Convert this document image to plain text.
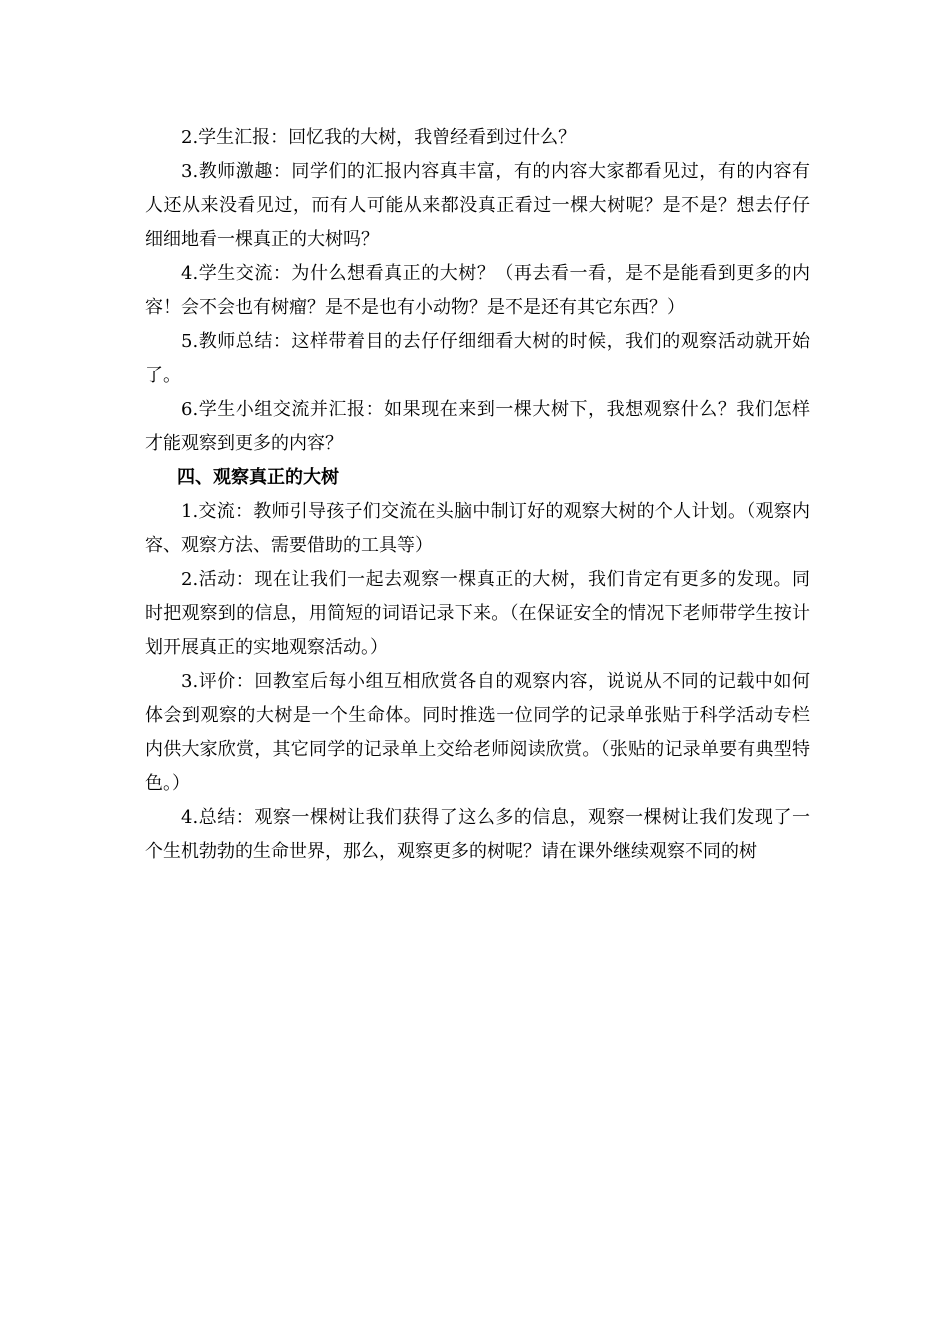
2.学生汇报：回忆我的大树，我曾经看到过什么？

3.教师激趣：同学们的汇报内容真丰富，有的内容大家都看见过，有的内容有人还从来没看见过，而有人可能从来都没真正看过一棵大树呢？是不是？想去仔仔细细地看一棵真正的大树吗？

4.学生交流：为什么想看真正的大树？（再去看一看，是不是能看到更多的内容！会不会也有树瘤？是不是也有小动物？是不是还有其它东西？）

5.教师总结：这样带着目的去仔仔细细看大树的时候，我们的观察活动就开始了。

6.学生小组交流并汇报：如果现在来到一棵大树下，我想观察什么？我们怎样才能观察到更多的内容？

四、观察真正的大树

1.交流：教师引导孩子们交流在头脑中制订好的观察大树的个人计划。（观察内容、观察方法、需要借助的工具等）

2.活动：现在让我们一起去观察一棵真正的大树，我们肯定有更多的发现。同时把观察到的信息，用简短的词语记录下来。（在保证安全的情况下老师带学生按计划开展真正的实地观察活动。）

3.评价：回教室后每小组互相欣赏各自的观察内容，说说从不同的记载中如何体会到观察的大树是一个生命体。同时推选一位同学的记录单张贴于科学活动专栏内供大家欣赏，其它同学的记录单上交给老师阅读欣赏。（张贴的记录单要有典型特色。）

4.总结：观察一棵树让我们获得了这么多的信息，观察一棵树让我们发现了一个生机勃勃的生命世界，那么，观察更多的树呢？请在课外继续观察不同的树
